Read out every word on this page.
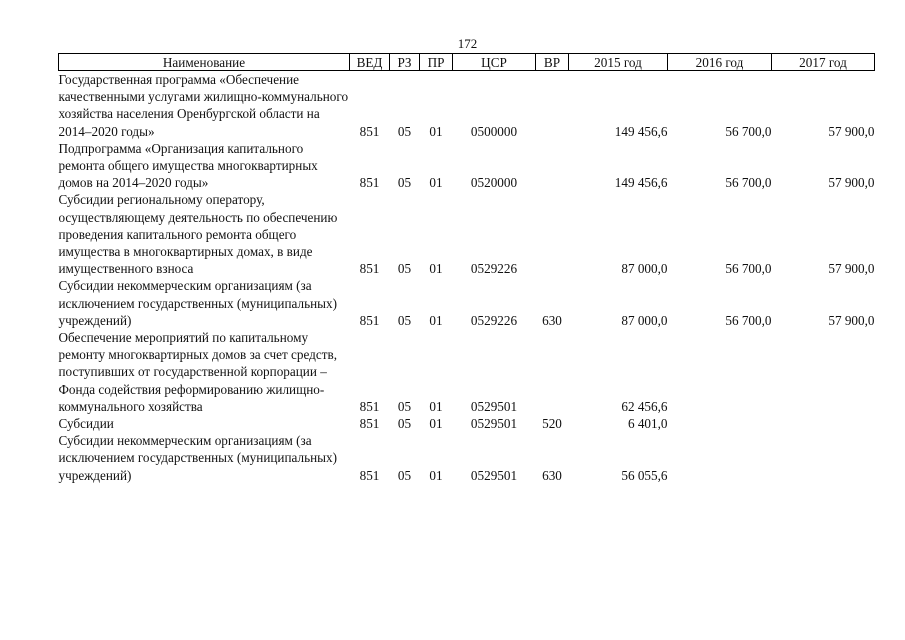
172
Наименование	ВЕД	РЗ	ПР	ЦСР	ВР	2015 год	2016 год	2017 год
Государственная программа «Обеспечение качественными услугами жилищно-коммунального хозяйства населения Оренбургской области на 2014–2020 годы»	851	05	01	0500000		149 456,6	56 700,0	57 900,0
Подпрограмма «Организация капитального ремонта общего имущества многоквартирных домов на 2014–2020 годы»	851	05	01	0520000		149 456,6	56 700,0	57 900,0
Субсидии региональному оператору, осуществляющему деятельность по обеспечению проведения капитального ремонта общего имущества в многоквартирных домах, в виде имущественного взноса	851	05	01	0529226		87 000,0	56 700,0	57 900,0
Субсидии некоммерческим организациям (за исключением государственных (муниципальных) учреждений)	851	05	01	0529226	630	87 000,0	56 700,0	57 900,0
Обеспечение мероприятий по капитальному ремонту многоквартирных домов за счет средств, поступивших от государственной корпорации – Фонда содействия реформированию жилищно-коммунального хозяйства	851	05	01	0529501		62 456,6		
Субсидии	851	05	01	0529501	520	6 401,0		
Субсидии некоммерческим организациям (за исключением государственных (муниципальных) учреждений)	851	05	01	0529501	630	56 055,6		
